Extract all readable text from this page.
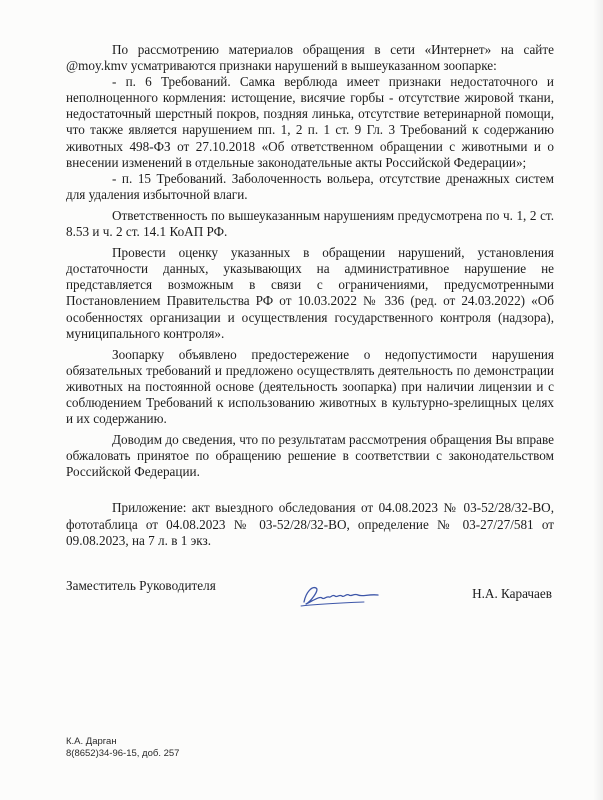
По рассмотрению материалов обращения в сети «Интернет» на сайте @moy.kmv усматриваются признаки нарушений в вышеуказанном зоопарке:

- п. 6 Требований. Самка верблюда имеет признаки недостаточного и неполноценного кормления: истощение, висячие горбы - отсутствие жировой ткани, недостаточный шерстный покров, поздняя линька, отсутствие ветеринарной помощи, что также является нарушением пп. 1, 2 п. 1 ст. 9 Гл. 3 Требований к содержанию животных 498-ФЗ от 27.10.2018 «Об ответственном обращении с животными и о внесении изменений в отдельные законодательные акты Российской Федерации»;

- п. 15 Требований. Заболоченность вольера, отсутствие дренажных систем для удаления избыточной влаги.

Ответственность по вышеуказанным нарушениям предусмотрена по ч. 1, 2 ст. 8.53 и ч. 2 ст. 14.1 КоАП РФ.

Провести оценку указанных в обращении нарушений, установления достаточности данных, указывающих на административное нарушение не представляется возможным в связи с ограничениями, предусмотренными Постановлением Правительства РФ от 10.03.2022 № 336 (ред. от 24.03.2022) «Об особенностях организации и осуществления государственного контроля (надзора), муниципального контроля».

Зоопарку объявлено предостережение о недопустимости нарушения обязательных требований и предложено осуществлять деятельность по демонстрации животных на постоянной основе (деятельность зоопарка) при наличии лицензии и с соблюдением Требований к использованию животных в культурно-зрелищных целях и их содержанию.

Доводим до сведения, что по результатам рассмотрения обращения Вы вправе обжаловать принятое по обращению решение в соответствии с законодательством Российской Федерации.

Приложение: акт выездного обследования от 04.08.2023 № 03-52/28/32-ВО, фототаблица от 04.08.2023 № 03-52/28/32-ВО, определение № 03-27/27/581 от 09.08.2023, на 7 л. в 1 экз.

Заместитель Руководителя
Н.А. Карачаев
К.А. Дарган
8(8652)34-96-15, доб. 257
